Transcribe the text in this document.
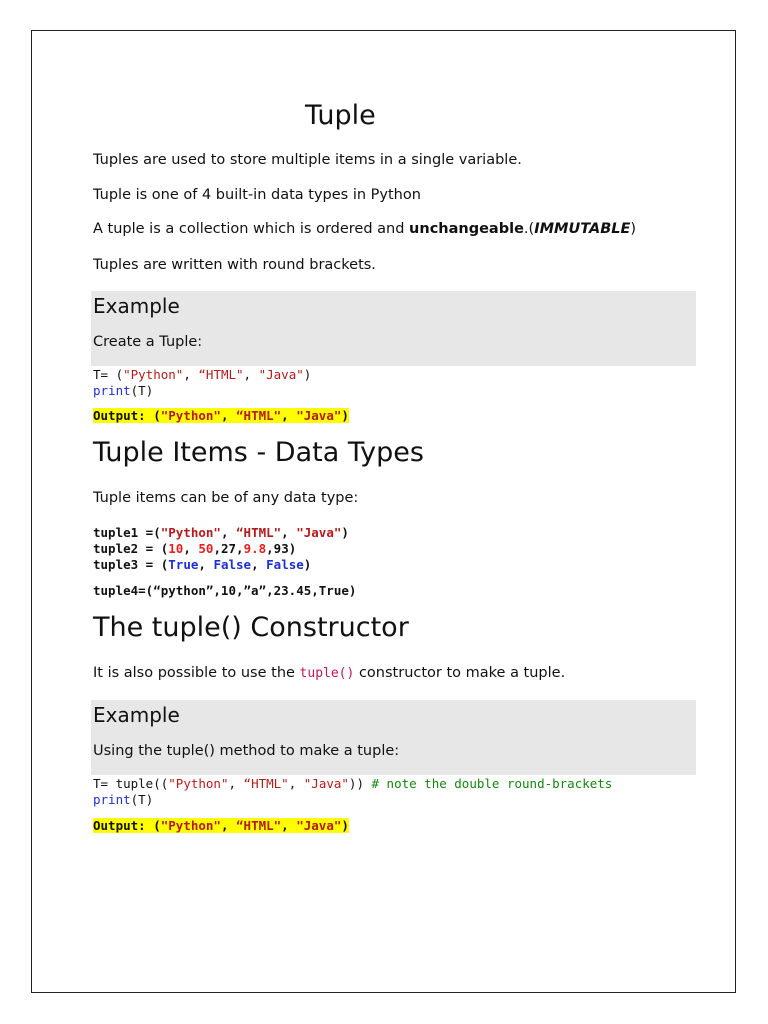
Tuple
Tuples are used to store multiple items in a single variable.
Tuple is one of 4 built-in data types in Python
A tuple is a collection which is ordered and unchangeable.(IMMUTABLE)
Tuples are written with round brackets.
Example
Create a Tuple:
T= ("Python", “HTML", "Java")
print(T)
Output: ("Python", “HTML", "Java")
Tuple Items - Data Types
Tuple items can be of any data type:
tuple1 =("Python", “HTML", "Java")
tuple2 = (10, 50,27,9.8,93)
tuple3 = (True, False, False)
tuple4=(“python”,10,”a”,23.45,True)
The tuple() Constructor
It is also possible to use the tuple() constructor to make a tuple.
Example
Using the tuple() method to make a tuple:
T= tuple(("Python", “HTML", "Java")) # note the double round-brackets
print(T)
Output: ("Python", “HTML", "Java")
